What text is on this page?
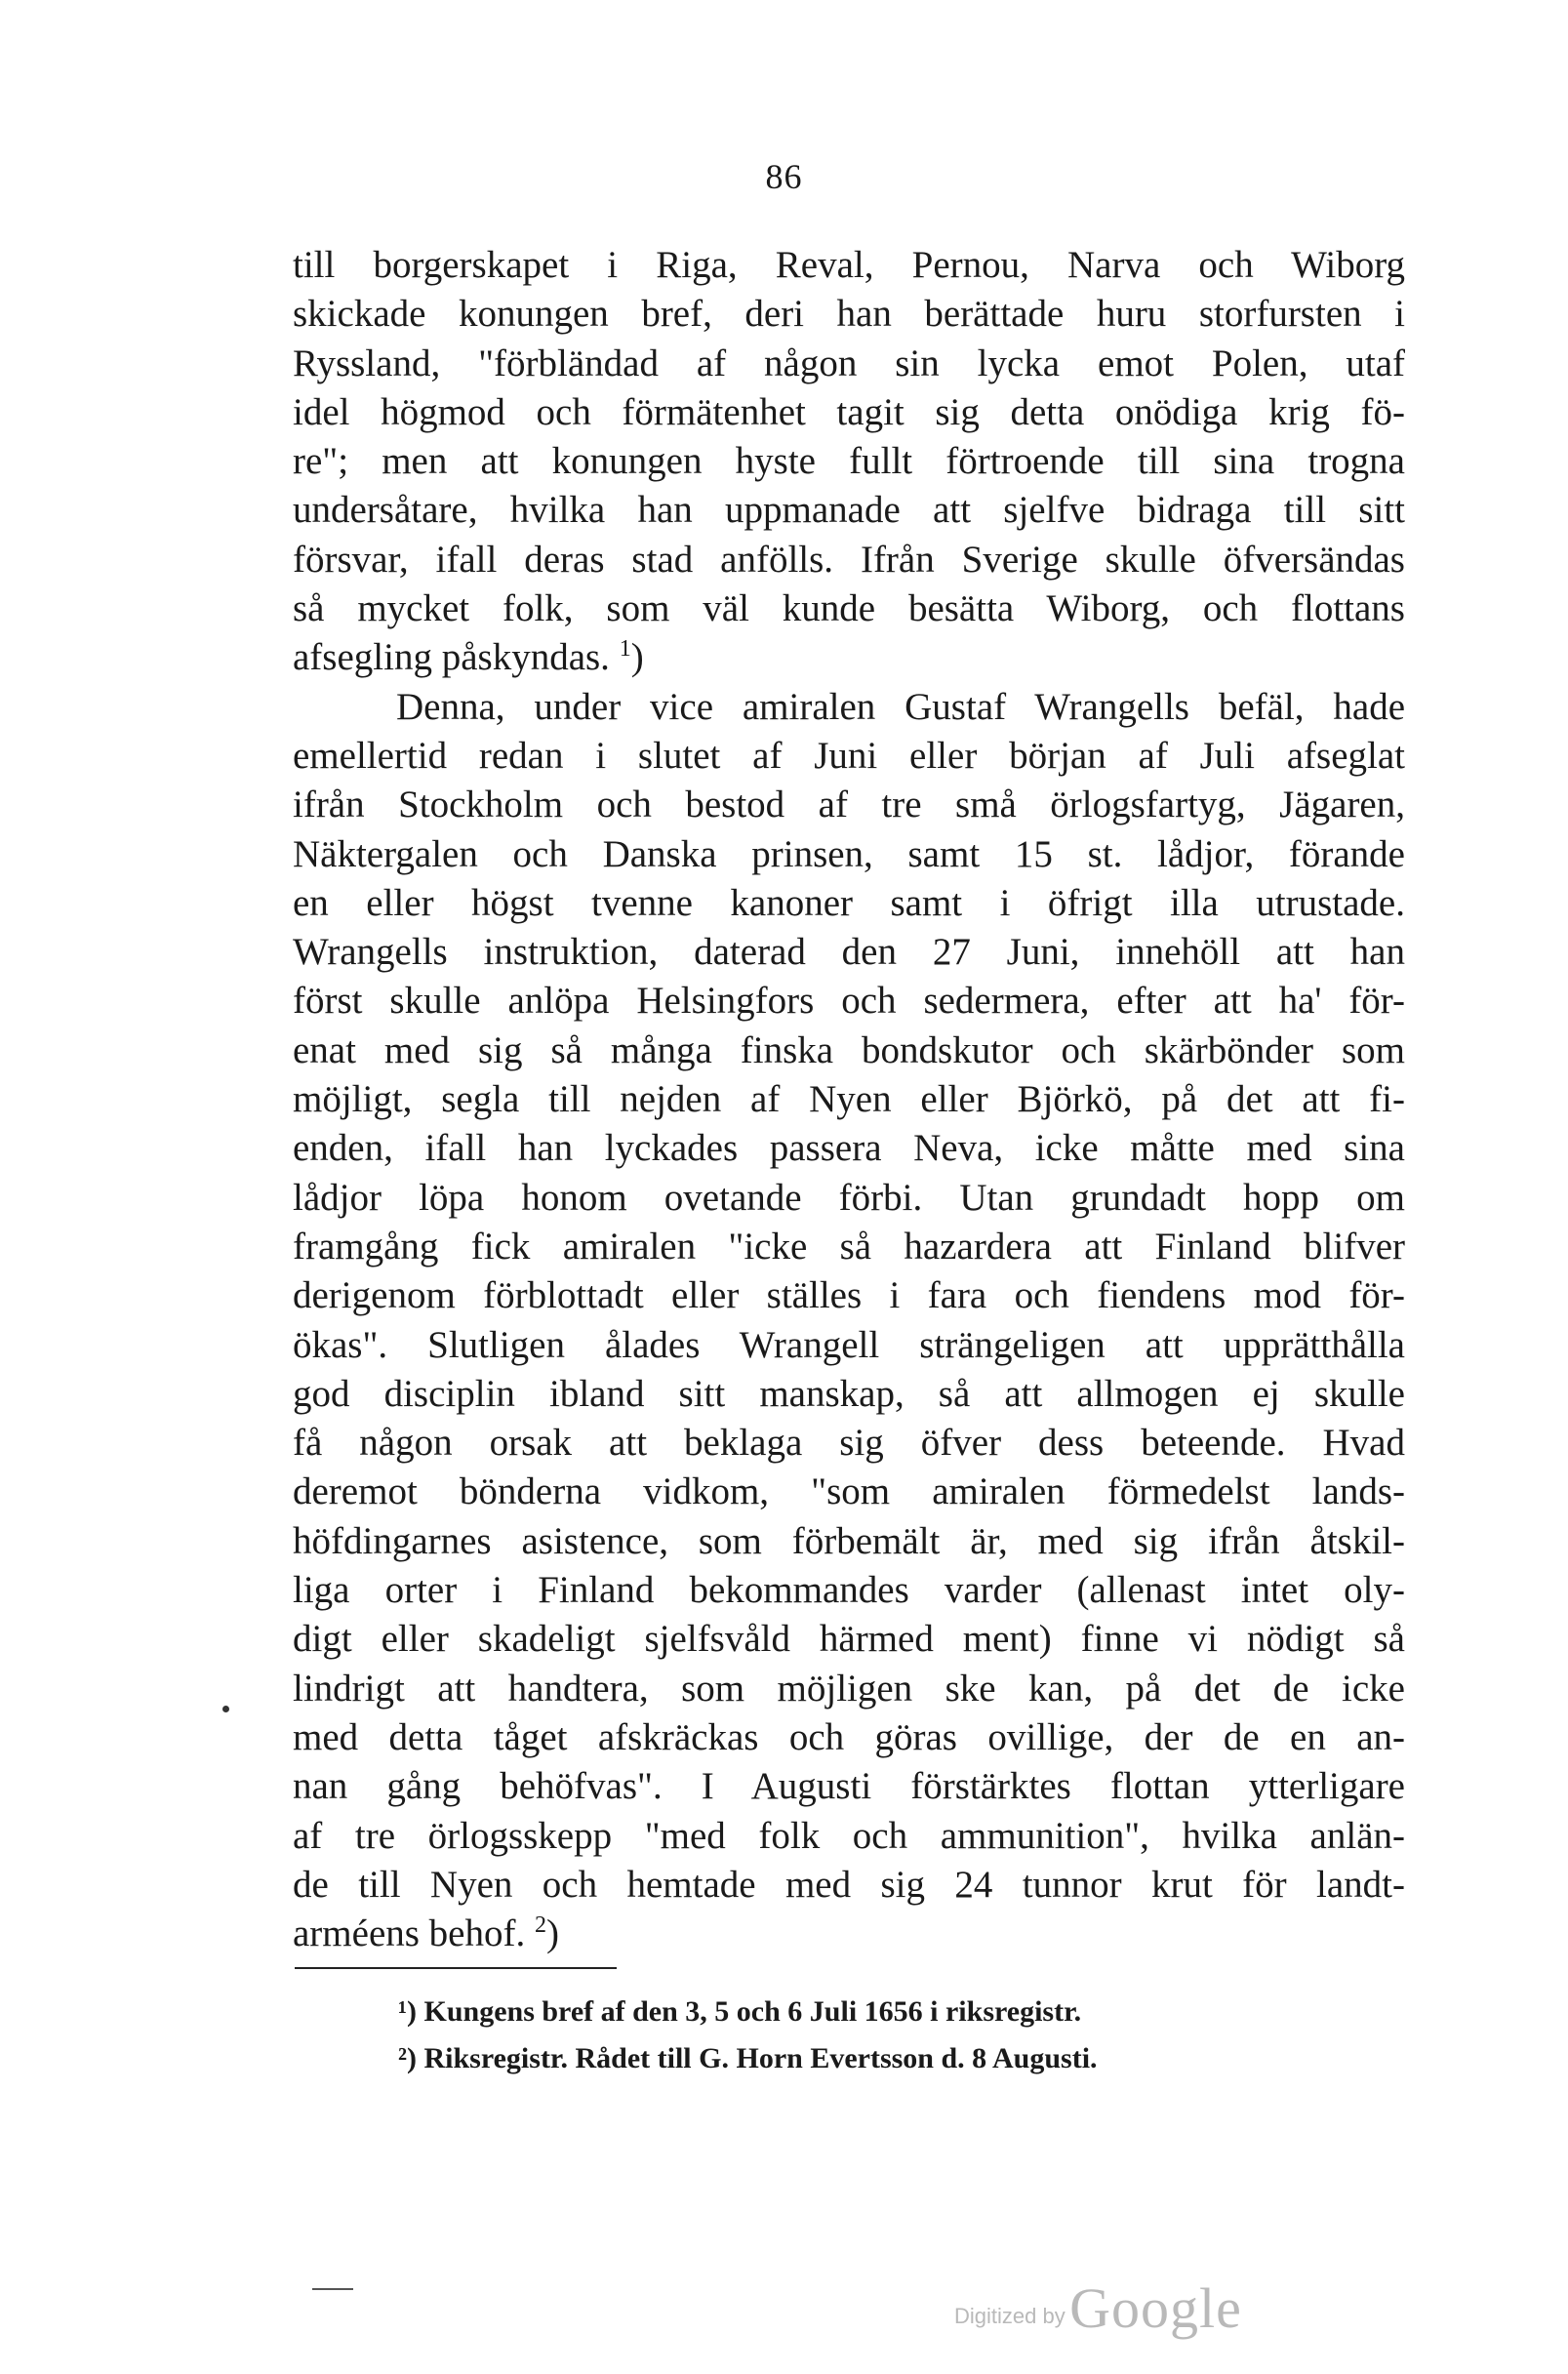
86
till borgerskapet i Riga, Reval, Pernou, Narva och Wiborg
skickade konungen bref, deri han berättade huru storfursten i
Ryssland, "förbländad af någon sin lycka emot Polen, utaf
idel högmod och förmätenhet tagit sig detta onödiga krig fö-
re"; men att konungen hyste fullt förtroende till sina trogna
undersåtare, hvilka han uppmanade att sjelfve bidraga till sitt
försvar, ifall deras stad anfölls. Ifrån Sverige skulle öfversändas
så mycket folk, som väl kunde besätta Wiborg, och flottans
afsegling påskyndas. $^1$)
Denna, under vice amiralen Gustaf Wrangells befäl, hade
emellertid redan i slutet af Juni eller början af Juli afseglat
ifrån Stockholm och bestod af tre små örlogsfartyg, Jägaren,
Näktergalen och Danska prinsen, samt 15 st. lådjor, förande
en eller högst tvenne kanoner samt i öfrigt illa utrustade.
Wrangells instruktion, daterad den 27 Juni, innehöll att han
först skulle anlöpa Helsingfors och sedermera, efter att ha' för-
enat med sig så många finska bondskutor och skärbönder som
möjligt, segla till nejden af Nyen eller Björkö, på det att fi-
enden, ifall han lyckades passera Neva, icke måtte med sina
lådjor löpa honom ovetande förbi. Utan grundadt hopp om
framgång fick amiralen "icke så hazardera att Finland blifver
derigenom förblottadt eller ställes i fara och fiendens mod för-
ökas". Slutligen ålades Wrangell strängeligen att upprätthålla
god disciplin ibland sitt manskap, så att allmogen ej skulle
få någon orsak att beklaga sig öfver dess beteende. Hvad
deremot bönderna vidkom, "som amiralen förmedelst lands-
höfdingarnes asistence, som förbemält är, med sig ifrån åtskil-
liga orter i Finland bekommandes varder (allenast intet oly-
digt eller skadeligt sjelfsvåld härmed ment) finne vi nödigt så
lindrigt att handtera, som möjligen ske kan, på det de icke
med detta tåget afskräckas och göras ovillige, der de en an-
nan gång behöfvas". I Augusti förstärktes flottan ytterligare
af tre örlogsskepp "med folk och ammunition", hvilka anlän-
de till Nyen och hemtade med sig 24 tunnor krut för landt-
arméens behof. $^2$)
¹) Kungens bref af den 3, 5 och 6 Juli 1656 i riksregistr.
²) Riksregistr. Rådet till G. Horn Evertsson d. 8 Augusti.
Digitized by Google
